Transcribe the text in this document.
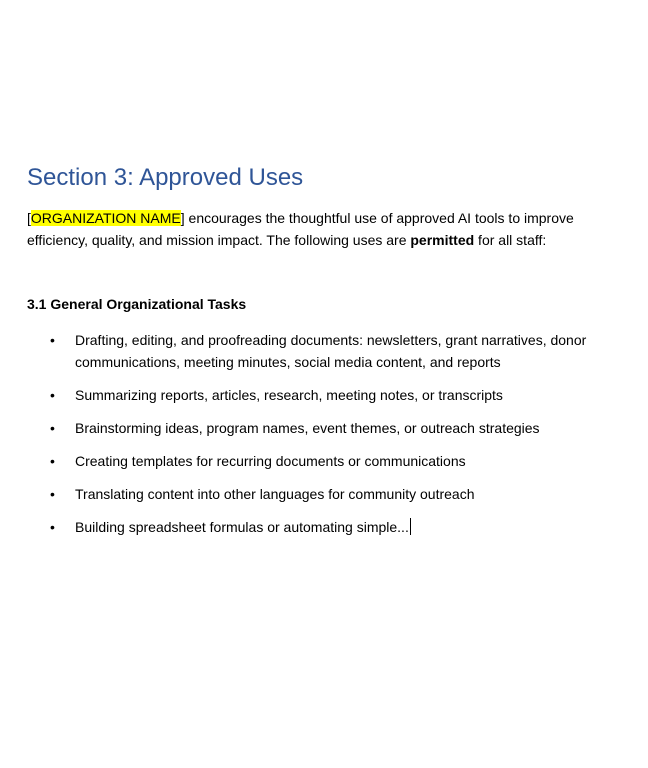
Section 3: Approved Uses

[ORGANIZATION NAME] encourages the thoughtful use of approved AI tools to improve efficiency, quality, and mission impact. The following uses are permitted for all staff:

3.1 General Organizational Tasks
• Drafting, editing, and proofreading documents: newsletters, grant narratives, donor communications, meeting minutes, social media content, and reports
• Summarizing reports, articles, research, meeting notes, or transcripts
• Brainstorming ideas, program names, event themes, or outreach strategies
• Creating templates for recurring documents or communications
• Translating content into other languages for community outreach
• Building spreadsheet formulas or automating simple...
